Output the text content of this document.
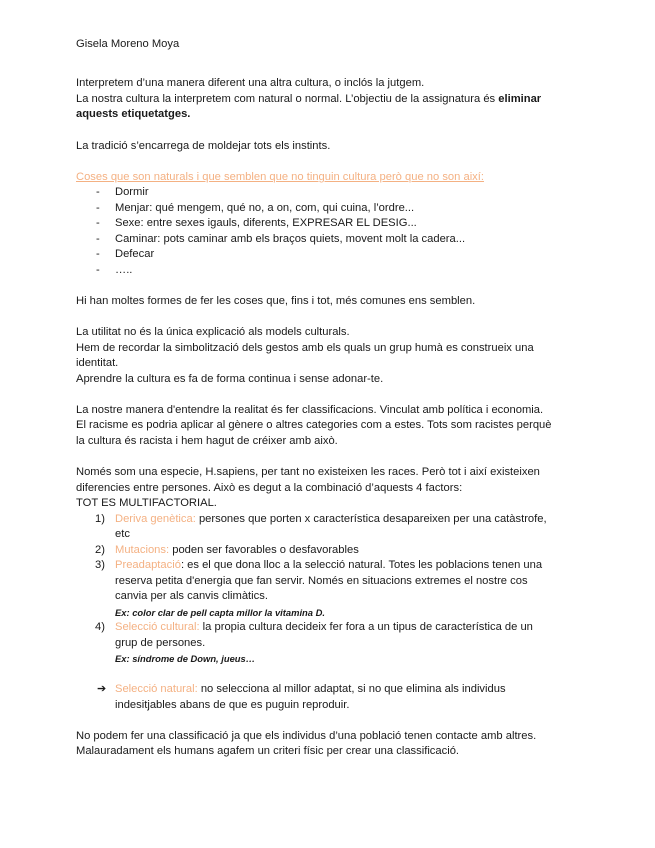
Gisela Moreno Moya
Interpretem d’una manera diferent una altra cultura, o inclós la jutgem.
La nostra cultura la interpretem com natural o normal. L’objectiu de la assignatura és eliminar
aquests etiquetatges.
La tradició s’encarrega de moldejar tots els instints.
Coses que son naturals i que semblen que no tinguin cultura però que no son així:
- Dormir
- Menjar: qué mengem, qué no, a on, com, qui cuina, l’ordre...
- Sexe: entre sexes igauls, diferents, EXPRESAR EL DESIG...
- Caminar: pots caminar amb els braços quiets, movent molt la cadera...
- Defecar
- …..
Hi han moltes formes de fer les coses que, fins i tot, més comunes ens semblen.
La utilitat no és la única explicació als models culturals.
Hem de recordar la simbolització dels gestos amb els quals un grup humà es construeix una
identitat.
Aprendre la cultura es fa de forma continua i sense adonar-te.
La nostre manera d'entendre la realitat és fer classificacions. Vinculat amb política i economia.
El racisme es podria aplicar al gènere o altres categories com a estes. Tots som racistes perquè
la cultura és racista i hem hagut de créixer amb això.
Només som una especie, H.sapiens, per tant no existeixen les races. Però tot i així existeixen
diferencies entre persones. Això es degut a la combinació d’aquests 4 factors:
TOT ES MULTIFACTORIAL.
1) Deriva genètica: persones que porten x característica desapareixen per una catàstrofe,
etc
2) Mutacions: poden ser favorables o desfavorables
3) Preadaptació: es el que dona lloc a la selecció natural. Totes les poblacions tenen una
reserva petita d'energia que fan servir. Només en situacions extremes el nostre cos
canvia per als canvis climàtics.
Ex: color clar de pell capta millor la vitamina D.
4) Selecció cultural: la propia cultura decideix fer fora a un tipus de característica de un
grup de persones.
Ex: síndrome de Down, jueus…
➔ Selecció natural: no selecciona al millor adaptat, si no que elimina als individus
indesitjables abans de que es puguin reproduir.
No podem fer una classificació ja que els individus d’una població tenen contacte amb altres.
Malauradament els humans agafem un criteri físic per crear una classificació.
